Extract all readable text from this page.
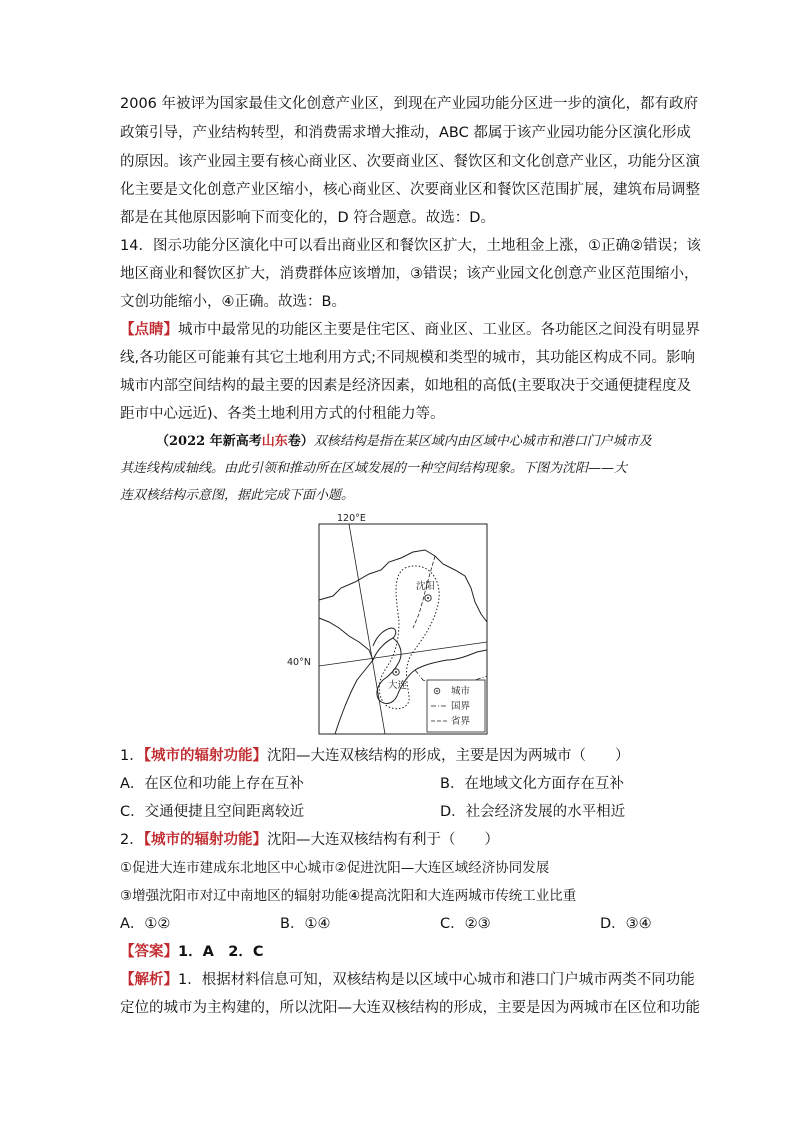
2006 年被评为国家最佳文化创意产业区，到现在产业园功能分区进一步的演化，都有政府
政策引导，产业结构转型，和消费需求增大推动，ABC 都属于该产业园功能分区演化形成
的原因。该产业园主要有核心商业区、次要商业区、餐饮区和文化创意产业区，功能分区演
化主要是文化创意产业区缩小，核心商业区、次要商业区和餐饮区范围扩展，建筑布局调整
都是在其他原因影响下而变化的，D 符合题意。故选：D。
14．图示功能分区演化中可以看出商业区和餐饮区扩大，土地租金上涨，①正确②错误；该
地区商业和餐饮区扩大，消费群体应该增加，③错误；该产业园文化创意产业区范围缩小，
文创功能缩小，④正确。故选：B。
【点睛】城市中最常见的功能区主要是住宅区、商业区、工业区。各功能区之间没有明显界
线,各功能区可能兼有其它土地利用方式;不同规模和类型的城市，其功能区构成不同。影响
城市内部空间结构的最主要的因素是经济因素，如地租的高低(主要取决于交通便捷程度及
距市中心远近)、各类土地利用方式的付租能力等。
（2022 年新高考山东卷）双核结构是指在某区域内由区域中心城市和港口门户城市及
其连线构成轴线。由此引领和推动所在区域发展的一种空间结构现象。下图为沈阳——大
连双核结构示意图，据此完成下面小题。
120°E
40°N
沈阳
大连
城市
国界
省界
1．【城市的辐射功能】沈阳—大连双核结构的形成，主要是因为两城市（　　）
A．在区位和功能上存在互补	B．在地域文化方面存在互补
C．交通便捷且空间距离较近	D．社会经济发展的水平相近
2．【城市的辐射功能】沈阳—大连双核结构有利于（　　）
①促进大连市建成东北地区中心城市②促进沈阳—大连区域经济协同发展
③增强沈阳市对辽中南地区的辐射功能④提高沈阳和大连两城市传统工业比重
A．①②	B．①④	C．②③	D．③④
【答案】1．A　2．C
【解析】1．根据材料信息可知，双核结构是以区域中心城市和港口门户城市两类不同功能
定位的城市为主构建的，所以沈阳—大连双核结构的形成，主要是因为两城市在区位和功能
